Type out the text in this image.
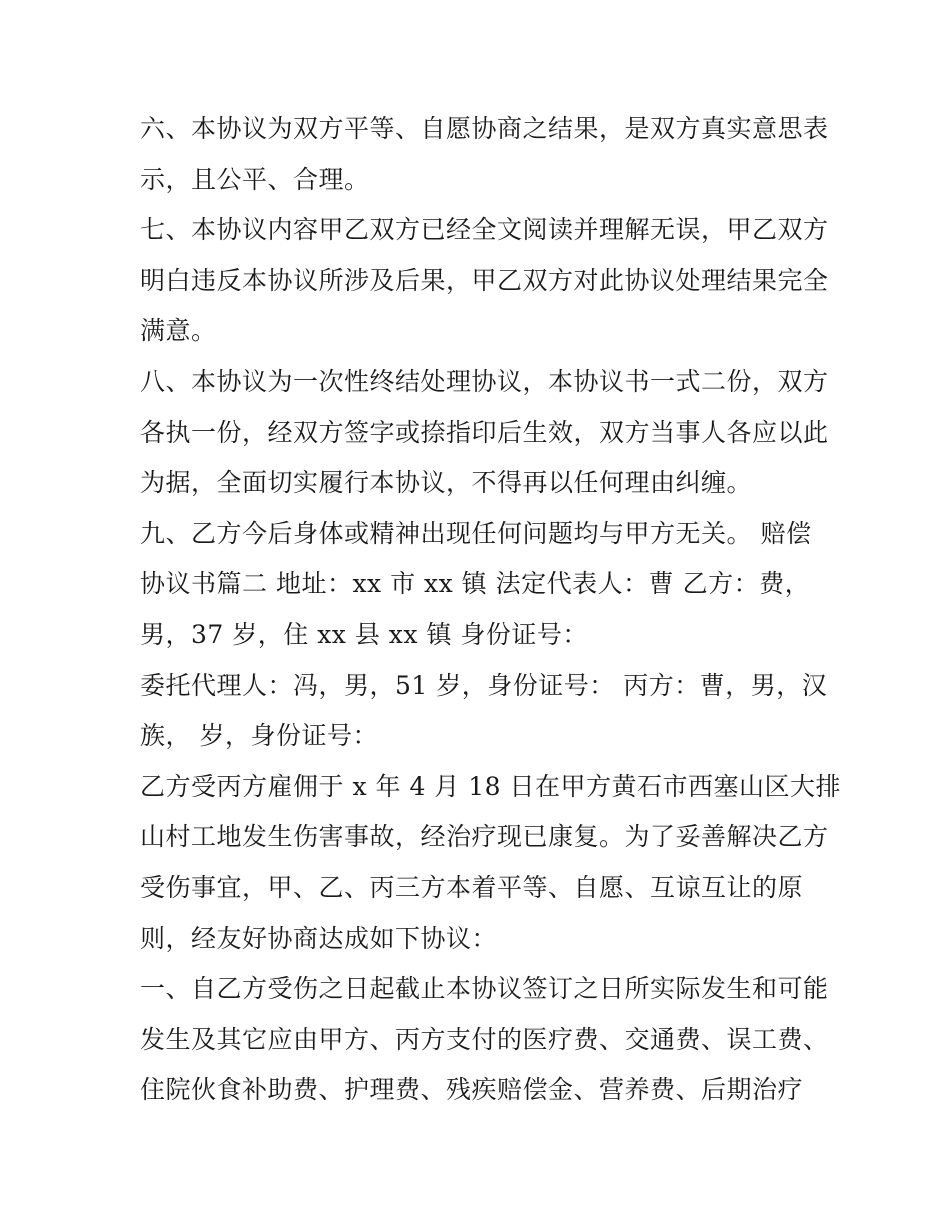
六、本协议为双方平等、自愿协商之结果，是双方真实意思表
示，且公平、合理。
七、本协议内容甲乙双方已经全文阅读并理解无误，甲乙双方
明白违反本协议所涉及后果，甲乙双方对此协议处理结果完全
满意。
八、本协议为一次性终结处理协议，本协议书一式二份，双方
各执一份，经双方签字或捺指印后生效，双方当事人各应以此
为据，全面切实履行本协议，不得再以任何理由纠缠。
九、乙方今后身体或精神出现任何问题均与甲方无关。 赔偿
协议书篇二 地址：xx 市 xx 镇 法定代表人：曹 乙方：费，
男，37 岁，住 xx 县 xx 镇 身份证号：
委托代理人：冯，男，51 岁，身份证号： 丙方：曹，男，汉
族， 岁，身份证号：
乙方受丙方雇佣于 x 年 4 月 18 日在甲方黄石市西塞山区大排
山村工地发生伤害事故，经治疗现已康复。为了妥善解决乙方
受伤事宜，甲、乙、丙三方本着平等、自愿、互谅互让的原
则，经友好协商达成如下协议：
一、自乙方受伤之日起截止本协议签订之日所实际发生和可能
发生及其它应由甲方、丙方支付的医疗费、交通费、误工费、
住院伙食补助费、护理费、残疾赔偿金、营养费、后期治疗
